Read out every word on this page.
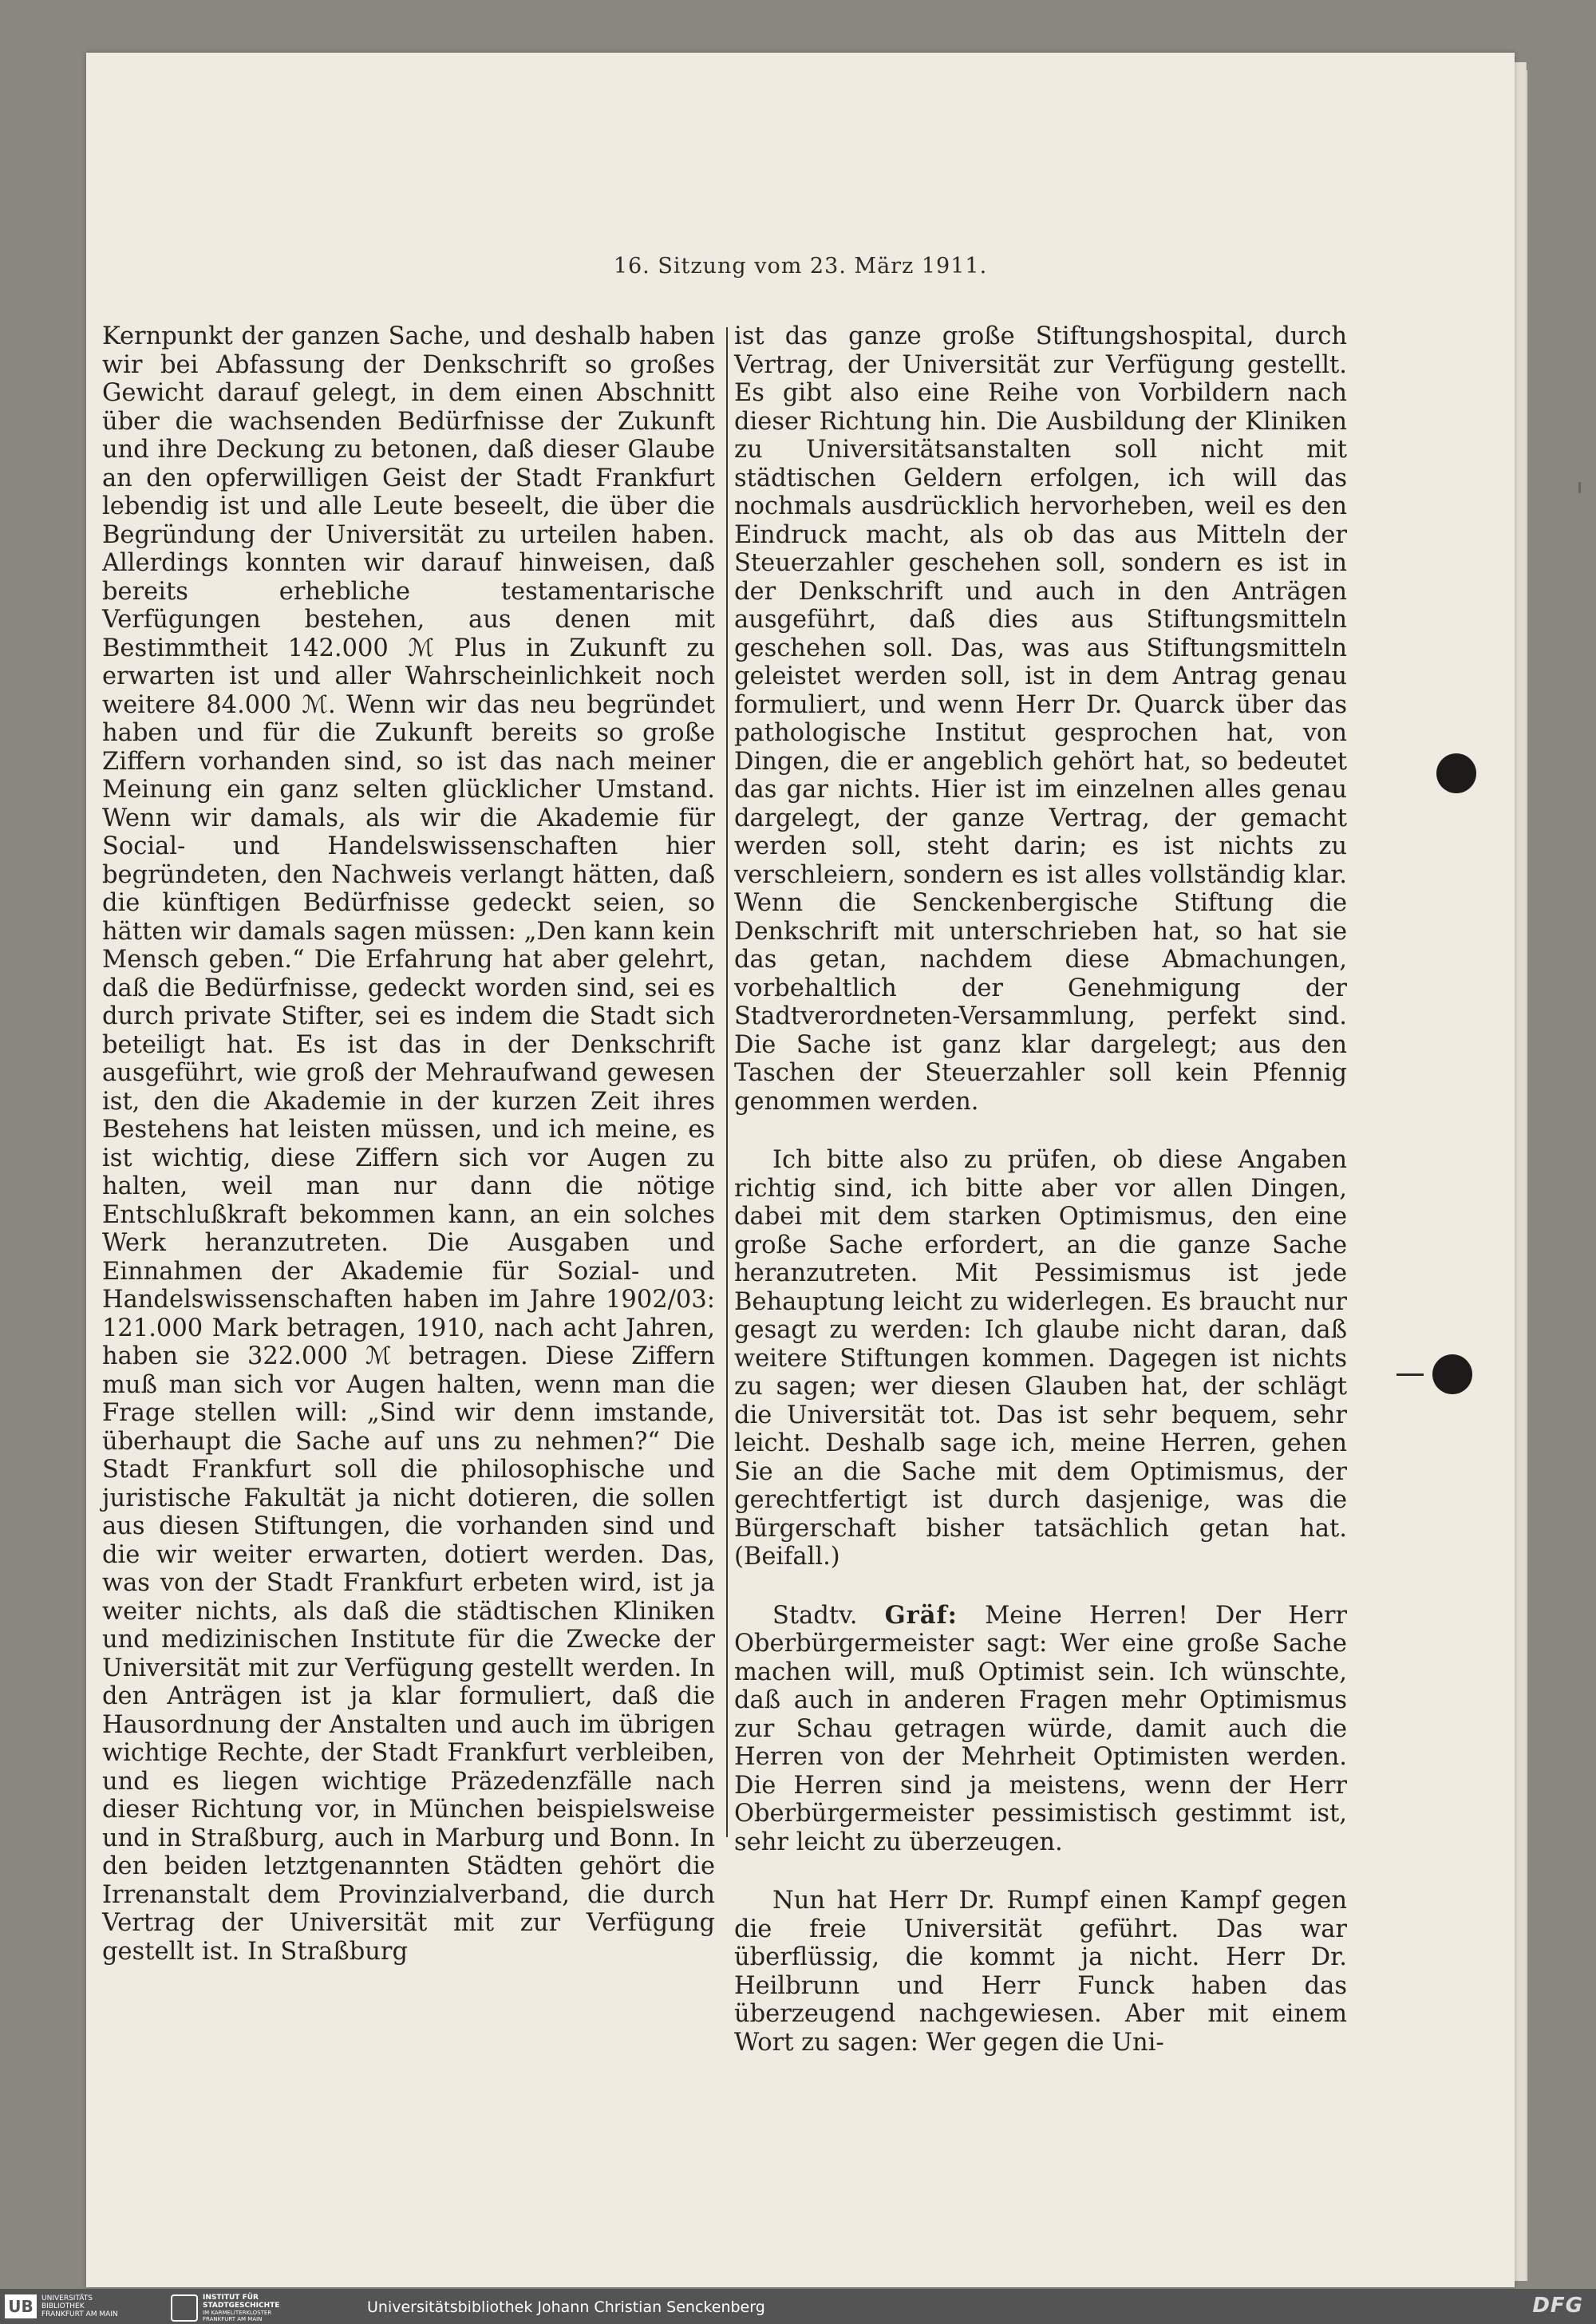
16. Sitzung vom 23. März 1911.

Kernpunkt der ganzen Sache, und deshalb haben wir bei Abfassung der Denkschrift so großes Gewicht darauf gelegt, in dem einen Abschnitt über die wachsenden Bedürfnisse der Zukunft und ihre Deckung zu betonen, daß dieser Glaube an den opferwilligen Geist der Stadt Frankfurt lebendig ist und alle Leute beseelt, die über die Begründung der Universität zu urteilen haben. Allerdings konnten wir darauf hinweisen, daß bereits erhebliche testamentarische Verfügungen bestehen, aus denen mit Bestimmtheit 142.000 ℳ Plus in Zukunft zu erwarten ist und aller Wahrscheinlichkeit noch weitere 84.000 ℳ. Wenn wir das neu begründet haben und für die Zukunft bereits so große Ziffern vorhanden sind, so ist das nach meiner Meinung ein ganz selten glücklicher Umstand. Wenn wir damals, als wir die Akademie für Social- und Handelswissenschaften hier begründeten, den Nachweis verlangt hätten, daß die künftigen Bedürfnisse gedeckt seien, so hätten wir damals sagen müssen: „Den kann kein Mensch geben.“ Die Erfahrung hat aber gelehrt, daß die Bedürfnisse, gedeckt worden sind, sei es durch private Stifter, sei es indem die Stadt sich beteiligt hat. Es ist das in der Denkschrift ausgeführt, wie groß der Mehraufwand gewesen ist, den die Akademie in der kurzen Zeit ihres Bestehens hat leisten müssen, und ich meine, es ist wichtig, diese Ziffern sich vor Augen zu halten, weil man nur dann die nötige Entschlußkraft bekommen kann, an ein solches Werk heranzutreten. Die Ausgaben und Einnahmen der Akademie für Sozial- und Handelswissenschaften haben im Jahre 1902/03: 121.000 Mark betragen, 1910, nach acht Jahren, haben sie 322.000 ℳ betragen. Diese Ziffern muß man sich vor Augen halten, wenn man die Frage stellen will: „Sind wir denn imstande, überhaupt die Sache auf uns zu nehmen?“ Die Stadt Frankfurt soll die philosophische und juristische Fakultät ja nicht dotieren, die sollen aus diesen Stiftungen, die vorhanden sind und die wir weiter erwarten, dotiert werden. Das, was von der Stadt Frankfurt erbeten wird, ist ja weiter nichts, als daß die städtischen Kliniken und medizinischen Institute für die Zwecke der Universität mit zur Verfügung gestellt werden. In den Anträgen ist ja klar formuliert, daß die Hausordnung der Anstalten und auch im übrigen wichtige Rechte, der Stadt Frankfurt verbleiben, und es liegen wichtige Präzedenzfälle nach dieser Richtung vor, in München beispielsweise und in Straßburg, auch in Marburg und Bonn. In den beiden letztgenannten Städten gehört die Irrenanstalt dem Provinzialverband, die durch Vertrag der Universität mit zur Verfügung gestellt ist. In Straßburg

ist das ganze große Stiftungshospital, durch Vertrag, der Universität zur Verfügung gestellt. Es gibt also eine Reihe von Vorbildern nach dieser Richtung hin. Die Ausbildung der Kliniken zu Universitätsanstalten soll nicht mit städtischen Geldern erfolgen, ich will das nochmals ausdrücklich hervorheben, weil es den Eindruck macht, als ob das aus Mitteln der Steuerzahler geschehen soll, sondern es ist in der Denkschrift und auch in den Anträgen ausgeführt, daß dies aus Stiftungsmitteln geschehen soll. Das, was aus Stiftungsmitteln geleistet werden soll, ist in dem Antrag genau formuliert, und wenn Herr Dr. Quarck über das pathologische Institut gesprochen hat, von Dingen, die er angeblich gehört hat, so bedeutet das gar nichts. Hier ist im einzelnen alles genau dargelegt, der ganze Vertrag, der gemacht werden soll, steht darin; es ist nichts zu verschleiern, sondern es ist alles vollständig klar. Wenn die Senckenbergische Stiftung die Denkschrift mit unterschrieben hat, so hat sie das getan, nachdem diese Abmachungen, vorbehaltlich der Genehmigung der Stadtverordneten-Versammlung, perfekt sind. Die Sache ist ganz klar dargelegt; aus den Taschen der Steuerzahler soll kein Pfennig genommen werden.

Ich bitte also zu prüfen, ob diese Angaben richtig sind, ich bitte aber vor allen Dingen, dabei mit dem starken Optimismus, den eine große Sache erfordert, an die ganze Sache heranzutreten. Mit Pessimismus ist jede Behauptung leicht zu widerlegen. Es braucht nur gesagt zu werden: Ich glaube nicht daran, daß weitere Stiftungen kommen. Dagegen ist nichts zu sagen; wer diesen Glauben hat, der schlägt die Universität tot. Das ist sehr bequem, sehr leicht. Deshalb sage ich, meine Herren, gehen Sie an die Sache mit dem Optimismus, der gerechtfertigt ist durch dasjenige, was die Bürgerschaft bisher tatsächlich getan hat. (Beifall.)

Stadtv. Gräf: Meine Herren! Der Herr Oberbürgermeister sagt: Wer eine große Sache machen will, muß Optimist sein. Ich wünschte, daß auch in anderen Fragen mehr Optimismus zur Schau getragen würde, damit auch die Herren von der Mehrheit Optimisten werden. Die Herren sind ja meistens, wenn der Herr Oberbürgermeister pessimistisch gestimmt ist, sehr leicht zu überzeugen.

Nun hat Herr Dr. Rumpf einen Kampf gegen die freie Universität geführt. Das war überflüssig, die kommt ja nicht. Herr Dr. Heilbrunn und Herr Funck haben das überzeugend nachgewiesen. Aber mit einem Wort zu sagen: Wer gegen die Uni-

UB	UNIVERSITÄTS
BIBLIOTHEK
FRANKFURT AM MAIN
INSTITUT FÜR
STADTGESCHICHTE
IM KARMELITERKLOSTER
FRANKFURT AM MAIN
Universitätsbibliothek Johann Christian Senckenberg	DFG
